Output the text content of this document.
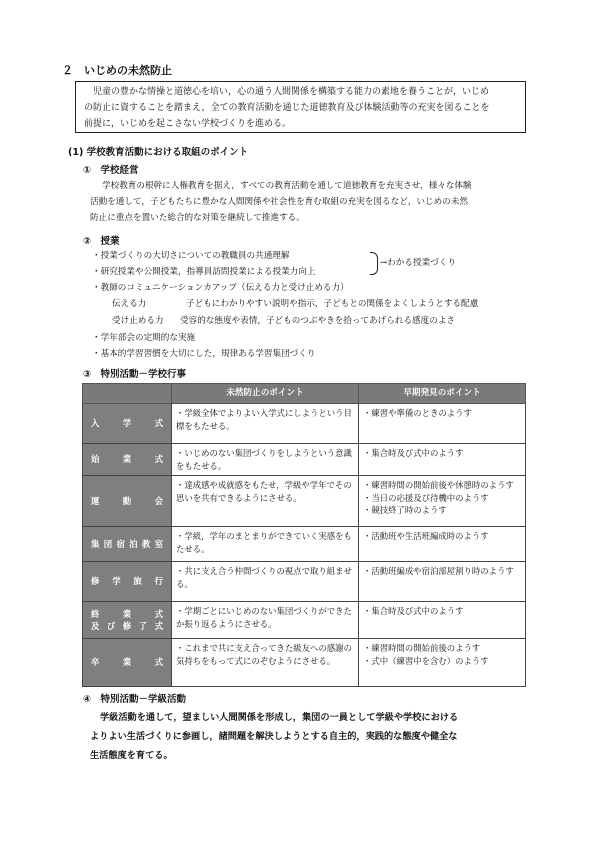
２　いじめの未然防止
児童の豊かな情操と道徳心を培い，心の通う人間関係を構築する能力の素地を養うことが，いじめ
の防止に資することを踏まえ，全ての教育活動を通じた道徳教育及び体験活動等の充実を図ることを
前提に，いじめを起こさない学校づくりを進める。
(1) 学校教育活動における取組のポイント
①　学校経営
学校教育の根幹に人権教育を据え，すべての教育活動を通して道徳教育を充実させ，様々な体験
活動を通して，子どもたちに豊かな人間関係や社会性を育む取組の充実を図るなど，いじめの未然
防止に重点を置いた総合的な対策を継続して推進する。
②　授業
・授業づくりの大切さについての教職員の共通理解
・研究授業や公開授業，指導員訪問授業による授業力向上
・教師のコミュニケーションカアップ（伝える力と受け止める力）
→わかる授業づくり
伝える力	子どもにわかりやすい説明や指示，子どもとの関係をよくしようとする配慮
受け止める力 受容的な態度や表情，子どものつぶやきを拾ってあげられる感度のよさ
・学年部会の定期的な実施
・基本的学習習慣を大切にした，規律ある学習集団づくり
③　特別活動－学校行事
	未然防止のポイント	早期発見のポイント

入　学　式	・学級全体でよりよい入学式にしようという目標をもたせる。	・練習や準備のときのようす

始　業　式	・いじめのない集団づくりをしようという意識をもたせる。	・集合時及び式中のようす

運　動　会	・達成感や成就感をもたせ，学級や学年でその思いを共有できるようにさせる。	・練習時間の開始前後や休憩時のようす
・当日の応援及び待機中のようす
・競技終了時のようす

集団宿泊教室	・学級，学年のまとまりができていく実感をもたせる。	・活動班や生活班編成時のようす

修　学　旅　行	・共に支え合う仲間づくりの視点で取り組ませる。	・活動班編成や宿泊部屋割り時のようす

終　業　式
及び修了式	・学期ごとにいじめのない集団づくりができたか振り返るようにさせる。	・集合時及び式中のようす

卒　業　式	・これまで共に支え合ってきた級友への感謝の気持ちをもって式にのぞむようにさせる。	・練習時間の開始前後のようす
・式中（練習中を含む）のようす
④　特別活動－学級活動
学級活動を通して，望ましい人間関係を形成し，集団の一員として学級や学校における
よりよい生活づくりに参画し，諸問題を解決しようとする自主的，実践的な態度や健全な
生活態度を育てる。
